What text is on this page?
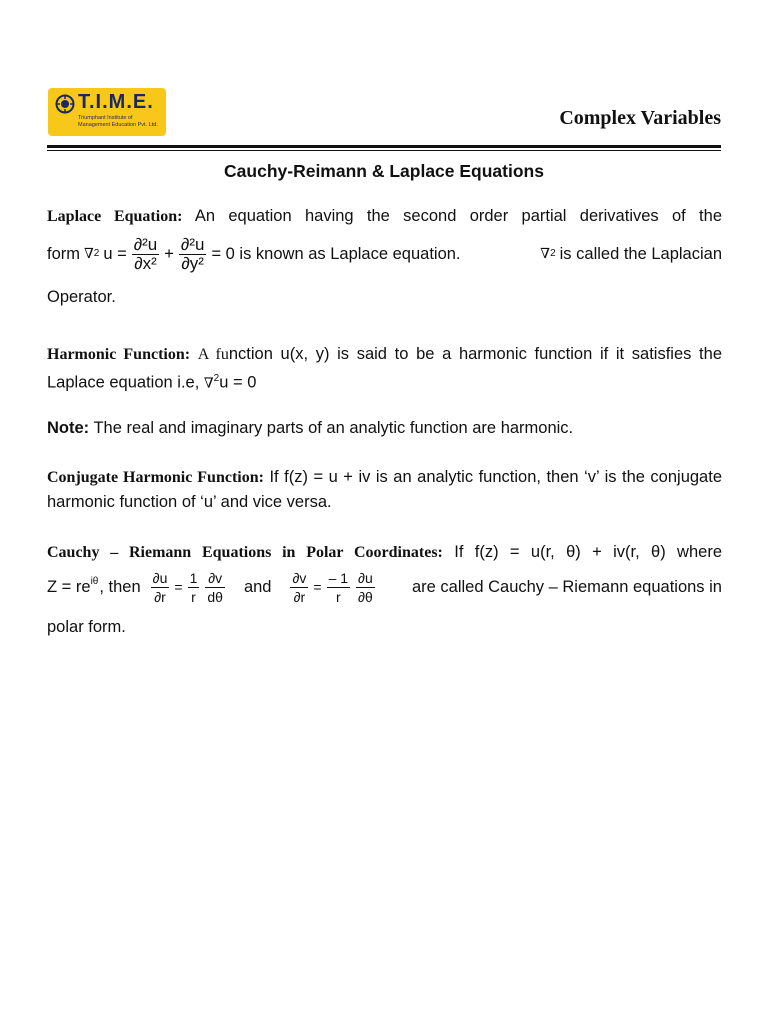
T.I.M.E.
Triumphant Institute of Management Education Pvt. Ltd.	Complex Variables
Cauchy-Reimann & Laplace Equations
Laplace Equation: An equation having the second order partial derivatives of the
form ∇ 2 $u = \frac{\text{∂²u}}{\text{∂x²}} + \frac{\text{∂²u}}{\text{∂y²}} = 0$ is known as Laplace equation.	∇ 2 is called the Laplacian
Operator.
Harmonic Function: A function u(x, y) is said to be a harmonic function if it satisfies the Laplace equation i.e, ∇$^2$u = 0
Note: The real and imaginary parts of an analytic function are harmonic.
Conjugate Harmonic Function: If f(z) = u + iv is an analytic function, then ‘v’ is the conjugate harmonic function of ‘u’ and vice versa.
Cauchy – Riemann Equations in Polar Coordinates: If f(z) = u(r, θ) + iv(r, θ) where
$Z = re^{i\theta}$ , then $\frac{\partial u}{\partial r} = \frac{1}{r} \frac{\partial v}{d\theta}$ and $\frac{\partial v}{\partial r} = \frac{- 1}{r} \frac{\partial u}{\partial\theta}$ are called Cauchy – Riemann equations in
polar form.
